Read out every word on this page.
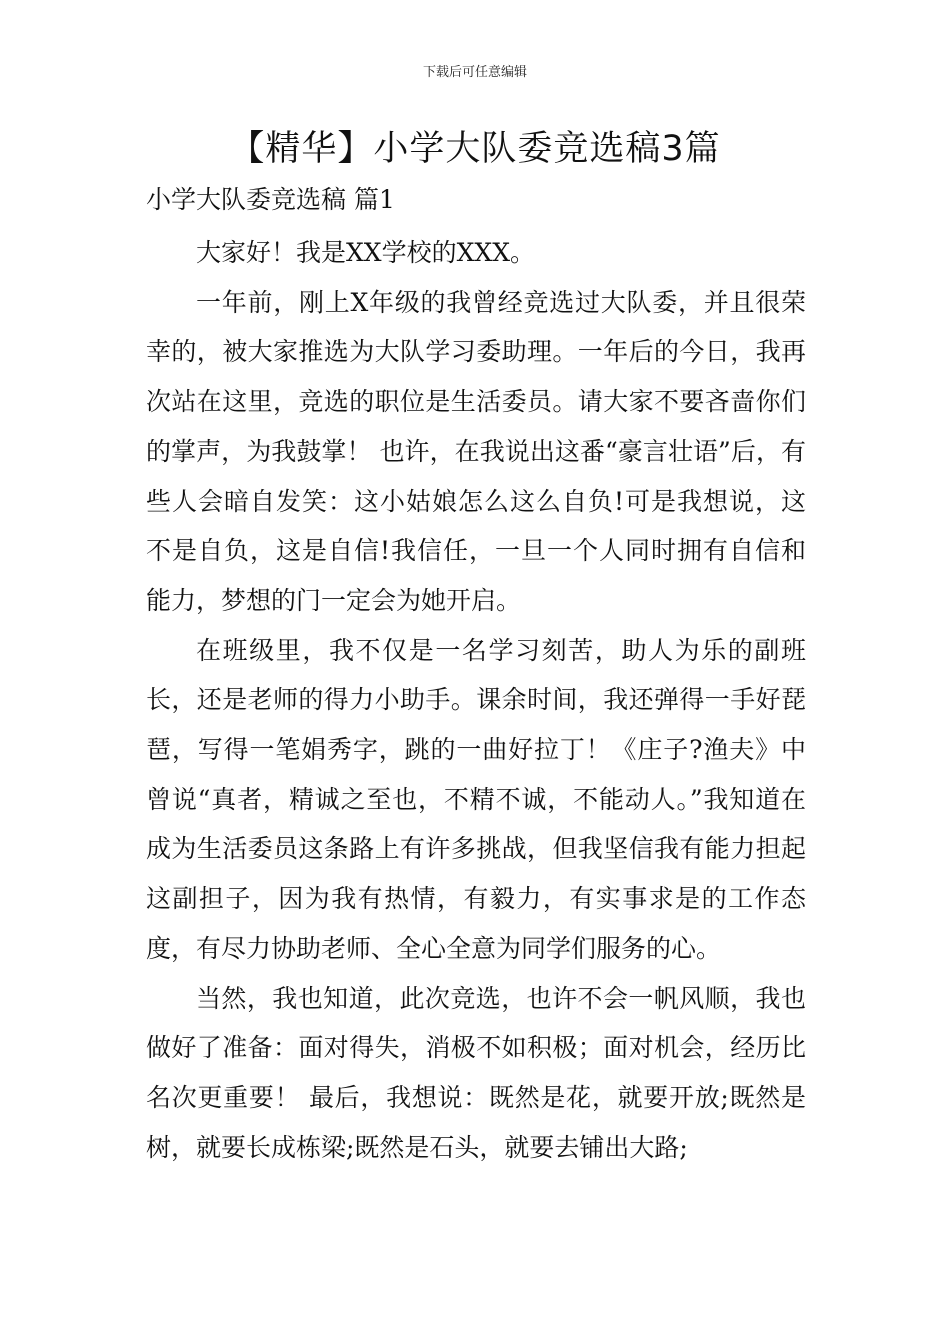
下载后可任意编辑
【精华】小学大队委竞选稿3篇
小学大队委竞选稿 篇1

大家好！我是XX学校的XXX。

一年前，刚上X年级的我曾经竞选过大队委，并且很荣幸的，被大家推选为大队学习委助理。一年后的今日，我再次站在这里，竞选的职位是生活委员。请大家不要吝啬你们的掌声，为我鼓掌！ 也许，在我说出这番“豪言壮语”后，有些人会暗自发笑：这小姑娘怎么这么自负!可是我想说，这不是自负，这是自信!我信任，一旦一个人同时拥有自信和能力，梦想的门一定会为她开启。

在班级里，我不仅是一名学习刻苦，助人为乐的副班长，还是老师的得力小助手。课余时间，我还弹得一手好琵琶，写得一笔娟秀字，跳的一曲好拉丁！《庄子?渔夫》中曾说“真者，精诚之至也，不精不诚，不能动人。”我知道在成为生活委员这条路上有许多挑战，但我坚信我有能力担起这副担子，因为我有热情，有毅力，有实事求是的工作态度，有尽力协助老师、全心全意为同学们服务的心。

当然，我也知道，此次竞选，也许不会一帆风顺，我也做好了准备：面对得失，消极不如积极；面对机会，经历比名次更重要！ 最后，我想说：既然是花，就要开放;既然是树，就要长成栋梁;既然是石头，就要去铺出大路;
